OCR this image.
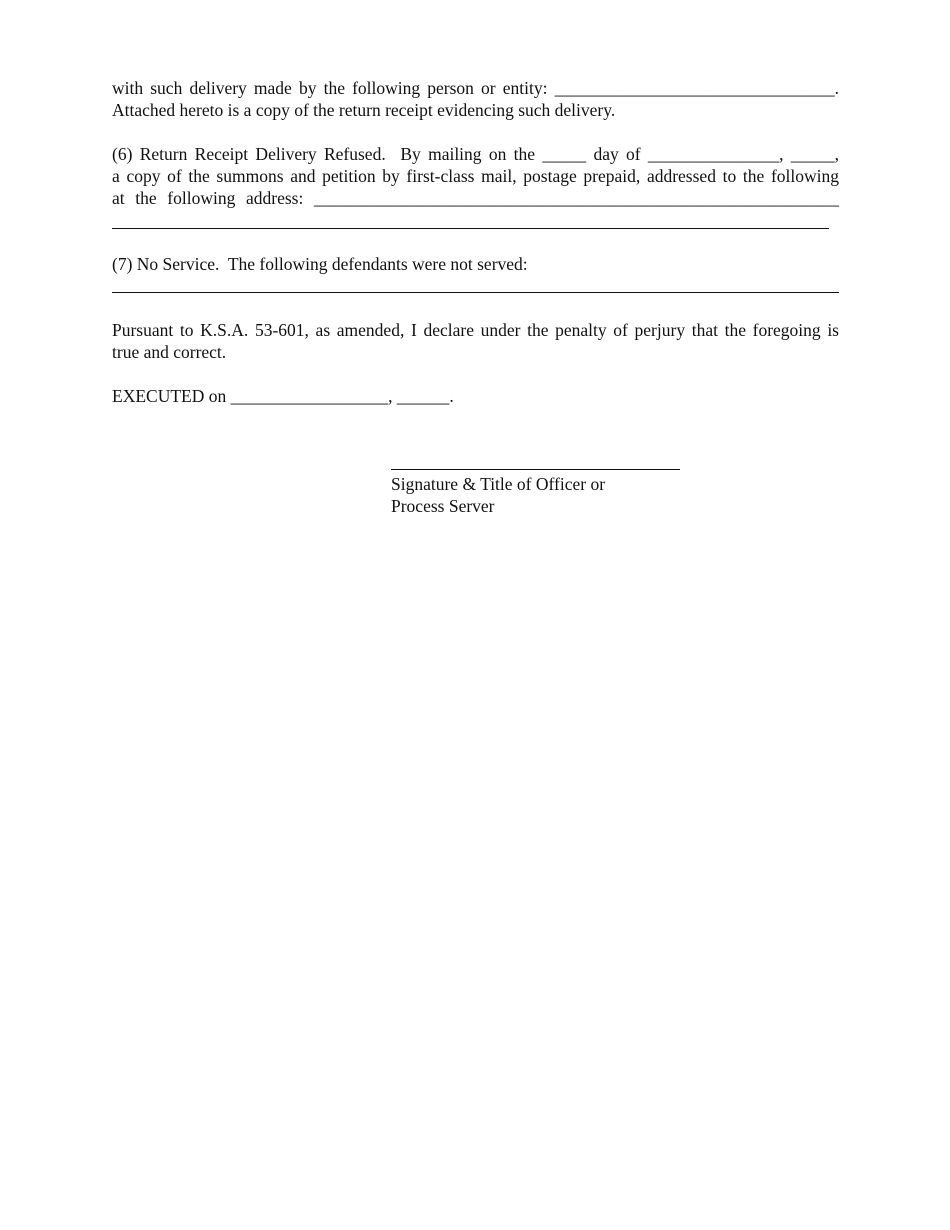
with such delivery made by the following person or entity: ________________________________.
Attached hereto is a copy of the return receipt evidencing such delivery.
(6) Return Receipt Delivery Refused.  By mailing on the _____ day of _______________, _____,
a copy of the summons and petition by first-class mail, postage prepaid, addressed to the following
at the following address: ____________________________________________________________
(7) No Service.  The following defendants were not served:
Pursuant to K.S.A. 53-601, as amended, I declare under the penalty of perjury that the foregoing is
true and correct.
EXECUTED on __________________, ______.
Signature & Title of Officer or
Process Server
